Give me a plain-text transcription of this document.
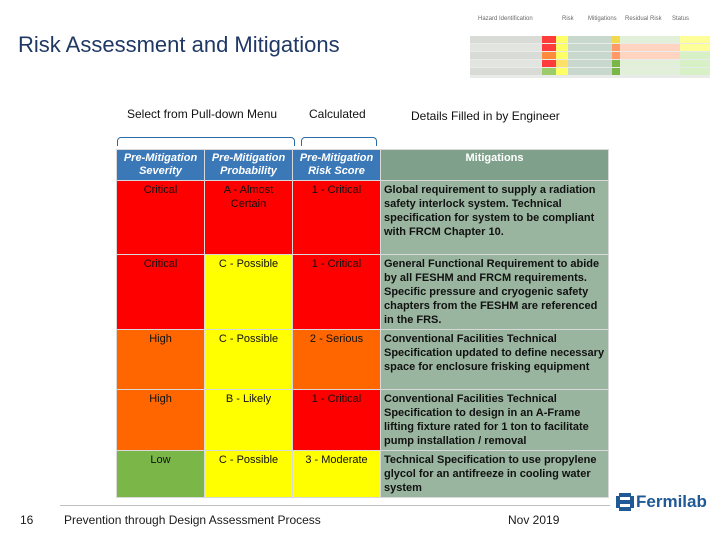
Risk Assessment and Mitigations
Hazard Identification	Risk Mitigations Residual Risk Status
Select from Pull-down Menu	Calculated	Details Filled in by Engineer
Pre-Mitigation Severity	Pre-Mitigation Probability	Pre-Mitigation Risk Score	Mitigations
Critical	A - Almost Certain	1 - Critical	Global requirement to supply a radiation safety interlock system. Technical specification for system to be compliant with FRCM Chapter 10.
Critical	C - Possible	1 - Critical	General Functional Requirement to abide by all FESHM and FRCM requirements. Specific pressure and cryogenic safety chapters from the FESHM are referenced in the FRS.
High	C - Possible	2 - Serious	Conventional Facilities Technical Specification updated to define necessary space for enclosure frisking equipment
High	B - Likely	1 - Critical	Conventional Facilities Technical Specification to design in an A-Frame lifting fixture rated for 1 ton to facilitate pump installation / removal
Low	C - Possible	3 - Moderate	Technical Specification to use propylene glycol for an antifreeze in cooling water system
Fermilab
16	Prevention through Design Assessment Process	Nov 2019
